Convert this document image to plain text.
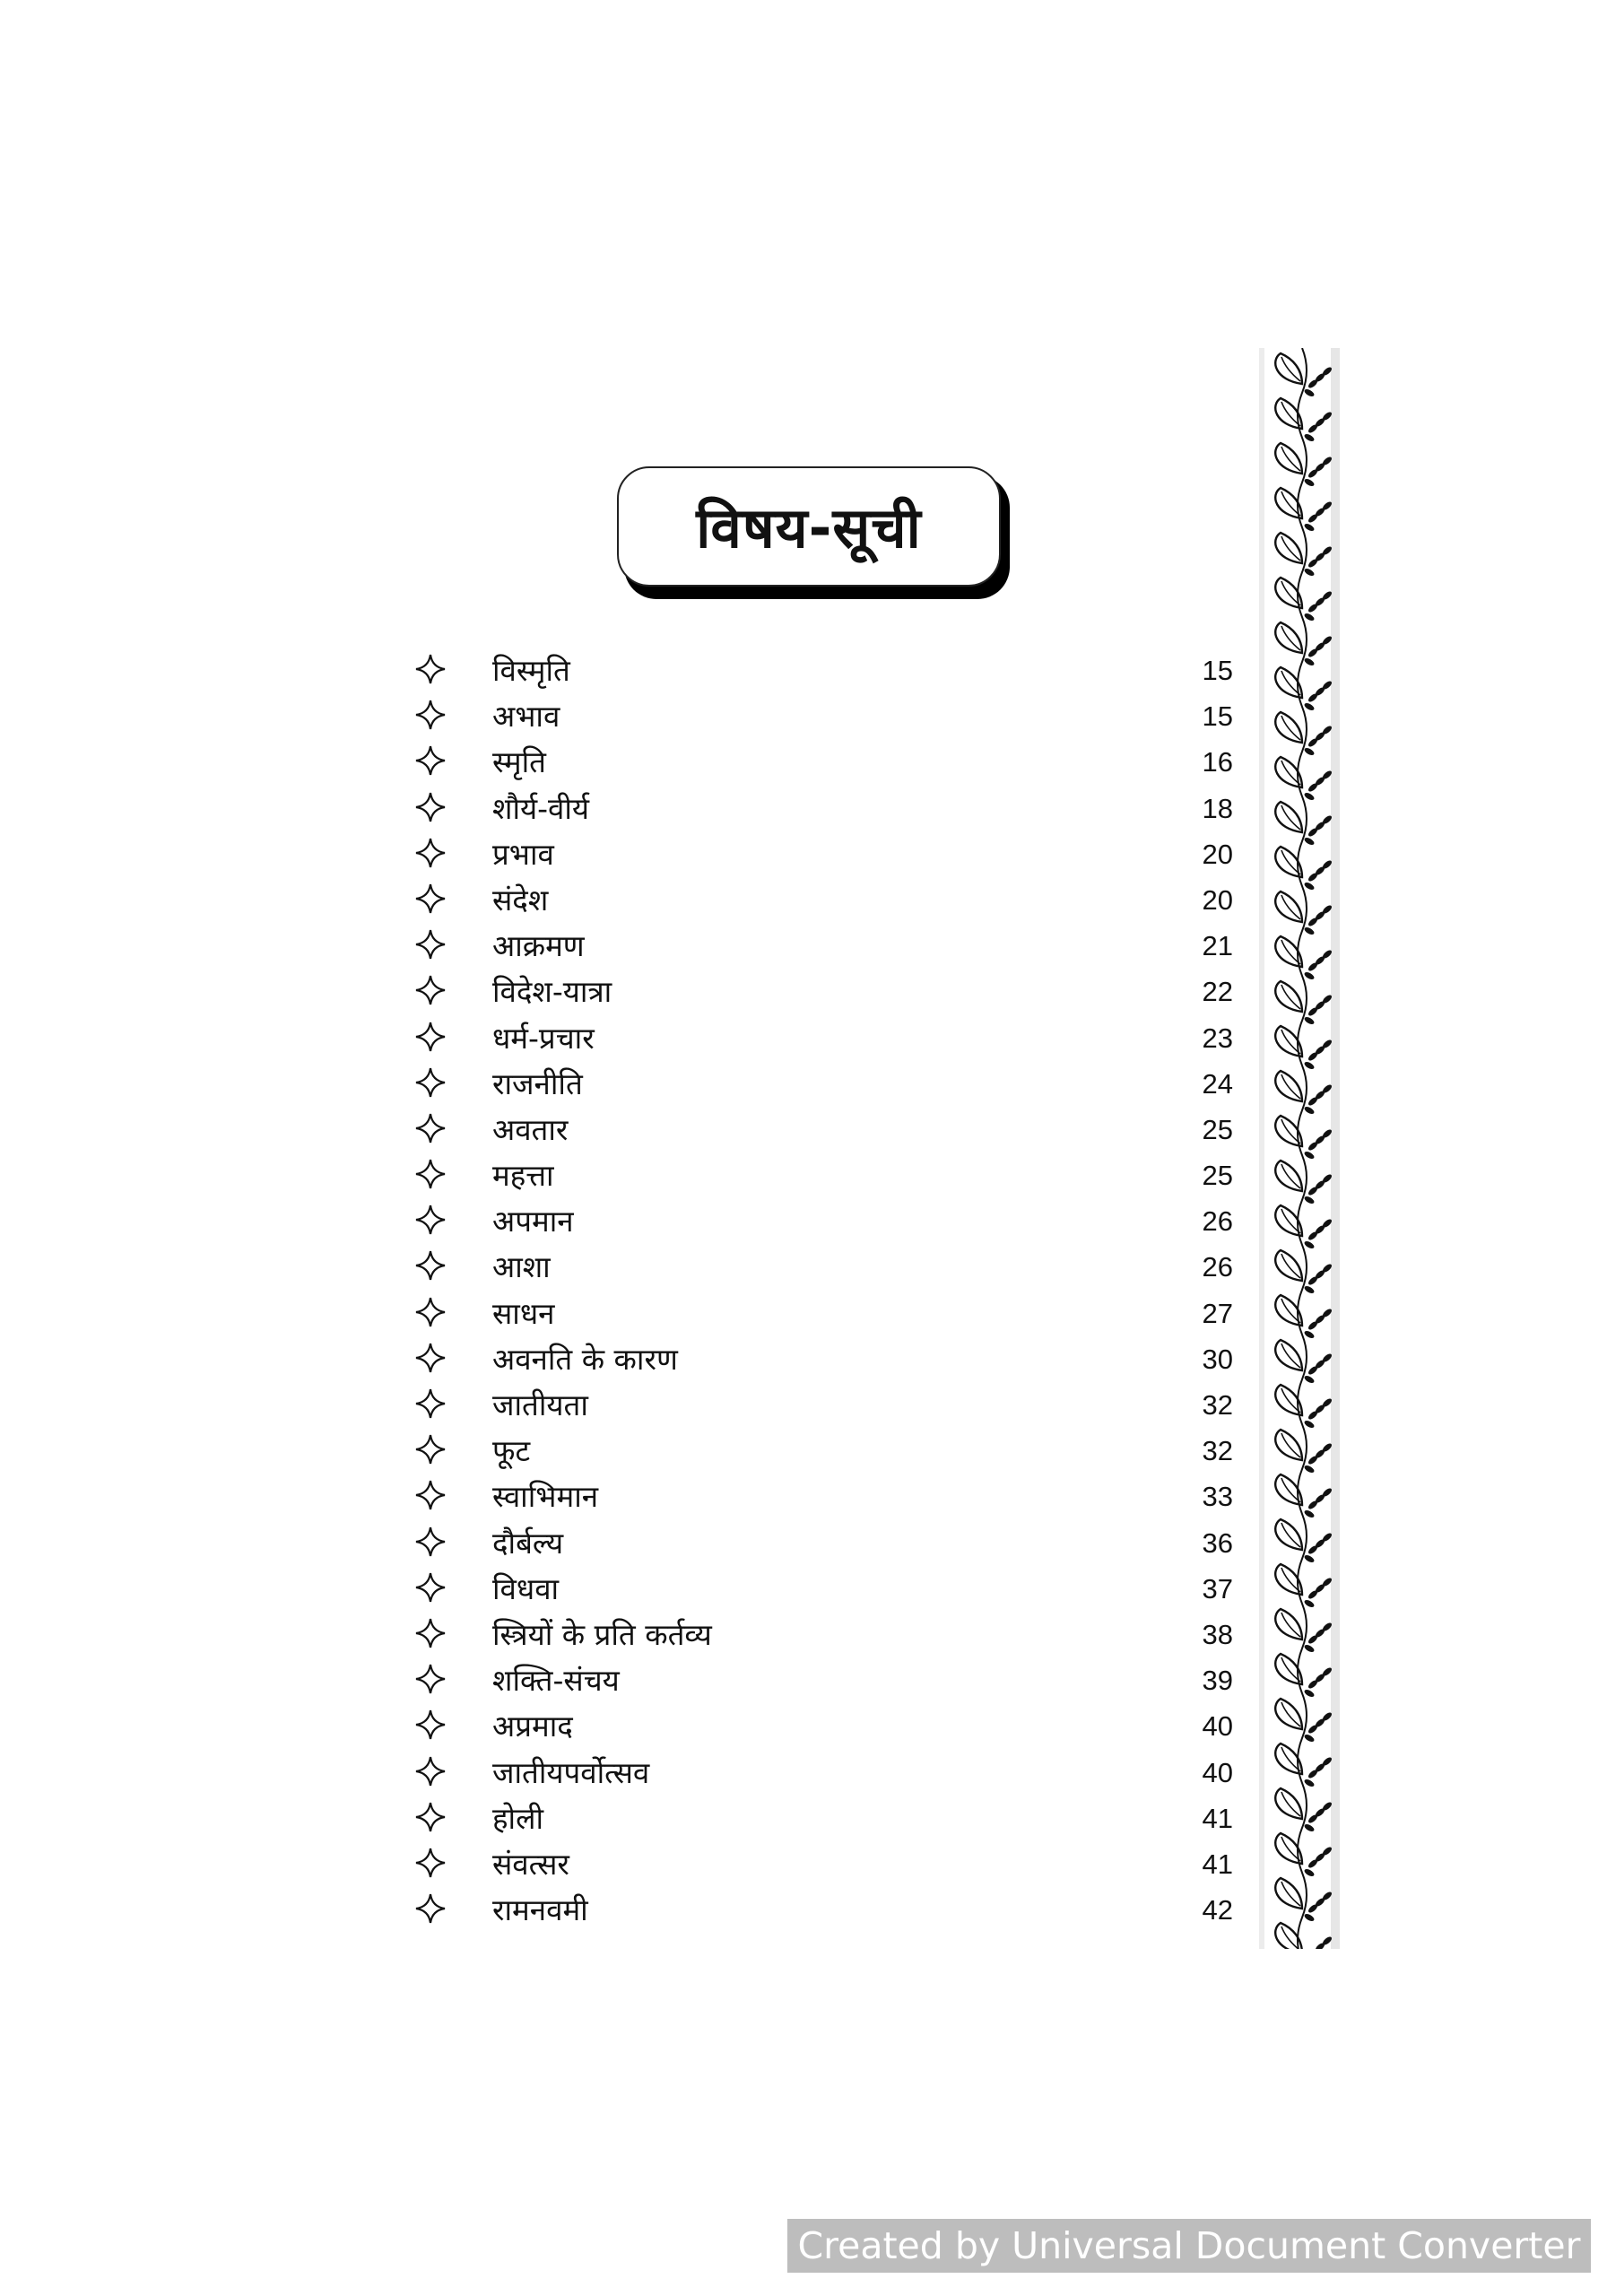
विषय-सूची
विस्मृति	15
अभाव	15
स्मृति	16
शौर्य-वीर्य	18
प्रभाव	20
संदेश	20
आक्रमण	21
विदेश-यात्रा	22
धर्म-प्रचार	23
राजनीति	24
अवतार	25
महत्ता	25
अपमान	26
आशा	26
साधन	27
अवनति के कारण	30
जातीयता	32
फूट	32
स्वाभिमान	33
दौर्बल्य	36
विधवा	37
स्त्रियों के प्रति कर्तव्य	38
शक्ति-संचय	39
अप्रमाद	40
जातीयपर्वोत्सव	40
होली	41
संवत्सर	41
रामनवमी	42
Created by Universal Document Converter
